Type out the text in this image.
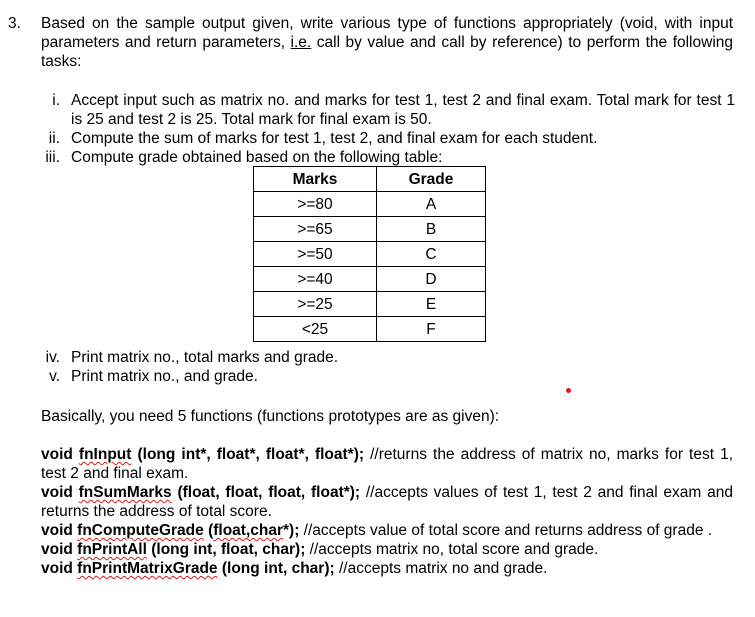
3. Based on the sample output given, write various type of functions appropriately (void, with input parameters and return parameters, i.e. call by value and call by reference) to perform the following tasks:
i. Accept input such as matrix no. and marks for test 1, test 2 and final exam. Total mark for test 1 is 25 and test 2 is 25. Total mark for final exam is 50.
ii. Compute the sum of marks for test 1, test 2, and final exam for each student.
iii. Compute grade obtained based on the following table:
Marks	Grade
>=80	A
>=65	B
>=50	C
>=40	D
>=25	E
<25	F
iv. Print matrix no., total marks and grade.
v. Print matrix no., and grade.
Basically, you need 5 functions (functions prototypes are as given):
void fnInput (long int*, float*, float*, float*); //returns the address of matrix no, marks for test 1, test 2 and final exam.
void fnSumMarks (float, float, float, float*); //accepts values of test 1, test 2 and final exam and returns the address of total score.
void fnComputeGrade (float,char*); //accepts value of total score and returns address of grade .
void fnPrintAll (long int, float, char); //accepts matrix no, total score and grade.
void fnPrintMatrixGrade (long int, char); //accepts matrix no and grade.
